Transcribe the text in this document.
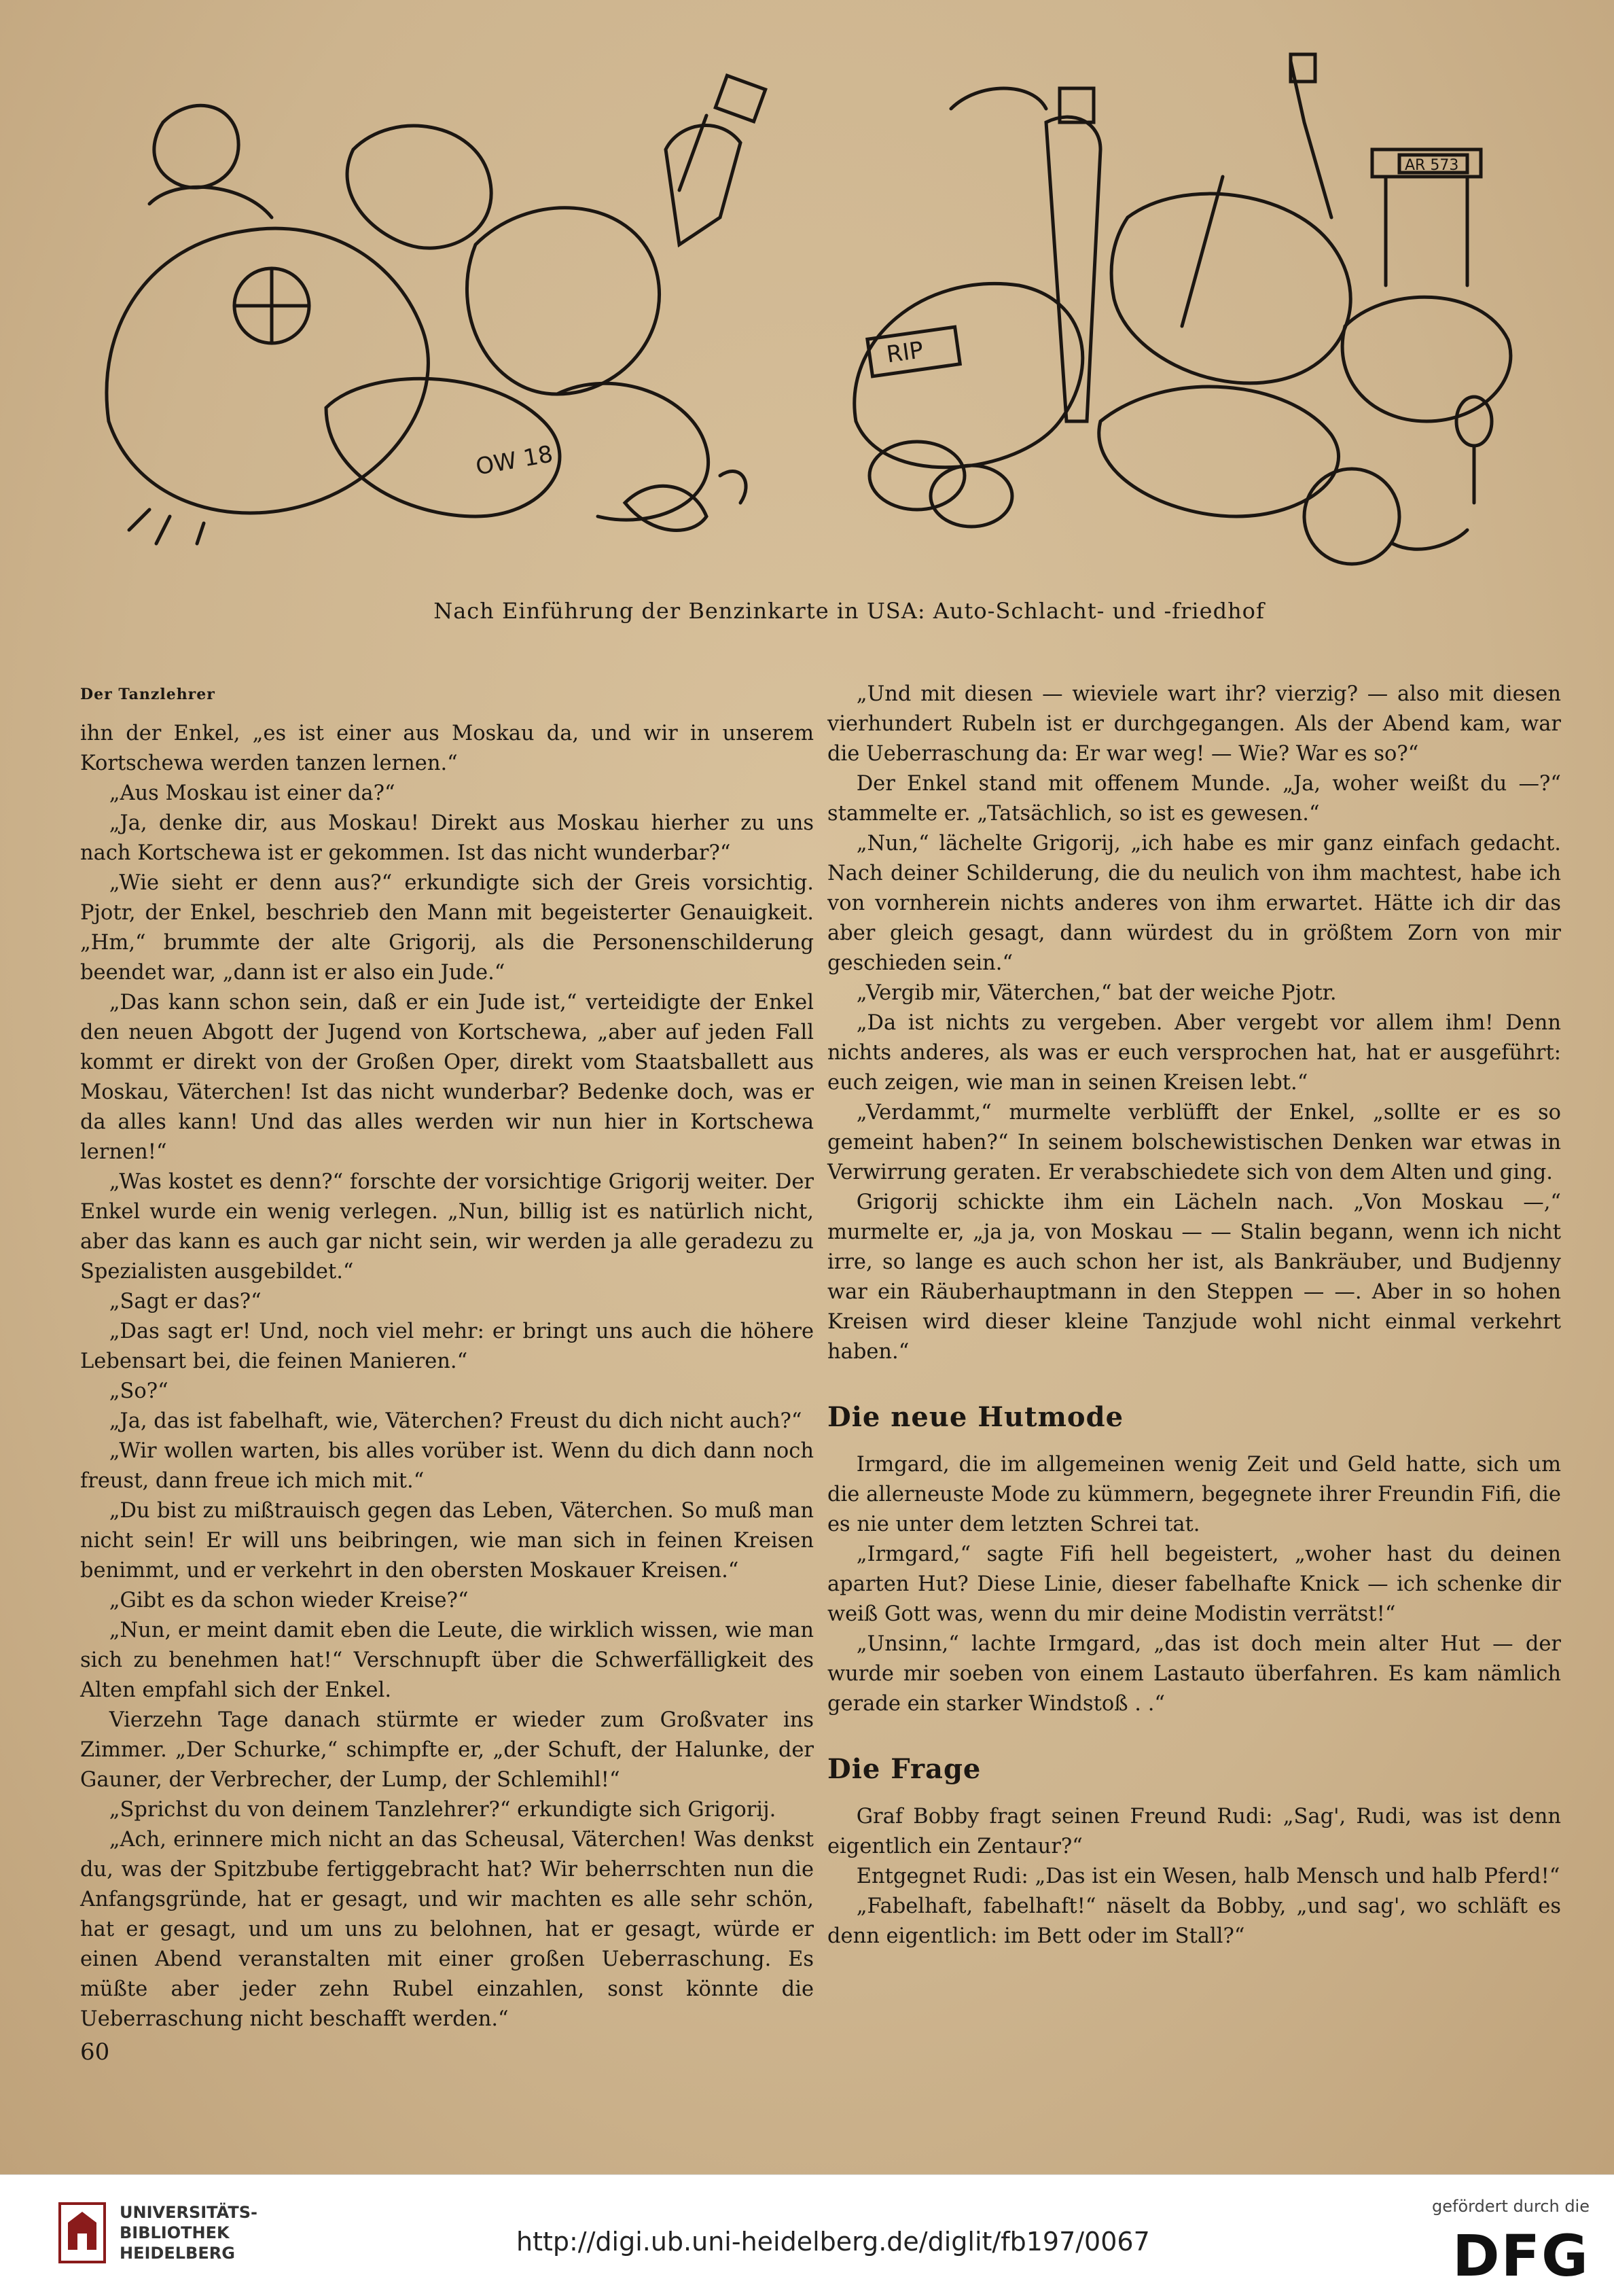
OW 18
RIP
AR 573
Nach Einführung der Benzinkarte in USA: Auto-Schlacht- und -friedhof
Der Tanzlehrer

ihn der Enkel, „es ist einer aus Moskau da, und wir in unserem Kortschewa werden tanzen lernen.“

„Aus Moskau ist einer da?“

„Ja, denke dir, aus Moskau! Direkt aus Moskau hierher zu uns nach Kortschewa ist er gekommen. Ist das nicht wunderbar?“

„Wie sieht er denn aus?“ erkundigte sich der Greis vorsichtig. Pjotr, der Enkel, beschrieb den Mann mit begeisterter Genauigkeit. „Hm,“ brummte der alte Grigorij, als die Personenschilderung beendet war, „dann ist er also ein Jude.“

„Das kann schon sein, daß er ein Jude ist,“ verteidigte der Enkel den neuen Abgott der Jugend von Kortschewa, „aber auf jeden Fall kommt er direkt von der Großen Oper, direkt vom Staatsballett aus Moskau, Väterchen! Ist das nicht wunderbar? Bedenke doch, was er da alles kann! Und das alles werden wir nun hier in Kortschewa lernen!“

„Was kostet es denn?“ forschte der vorsichtige Grigorij weiter. Der Enkel wurde ein wenig verlegen. „Nun, billig ist es natürlich nicht, aber das kann es auch gar nicht sein, wir werden ja alle geradezu zu Spezialisten ausgebildet.“

„Sagt er das?“

„Das sagt er! Und, noch viel mehr: er bringt uns auch die höhere Lebensart bei, die feinen Manieren.“

„So?“

„Ja, das ist fabelhaft, wie, Väterchen? Freust du dich nicht auch?“

„Wir wollen warten, bis alles vorüber ist. Wenn du dich dann noch freust, dann freue ich mich mit.“

„Du bist zu mißtrauisch gegen das Leben, Väterchen. So muß man nicht sein! Er will uns beibringen, wie man sich in feinen Kreisen benimmt, und er verkehrt in den obersten Moskauer Kreisen.“

„Gibt es da schon wieder Kreise?“

„Nun, er meint damit eben die Leute, die wirklich wissen, wie man sich zu benehmen hat!“ Verschnupft über die Schwerfälligkeit des Alten empfahl sich der Enkel.

Vierzehn Tage danach stürmte er wieder zum Großvater ins Zimmer. „Der Schurke,“ schimpfte er, „der Schuft, der Halunke, der Gauner, der Verbrecher, der Lump, der Schlemihl!“

„Sprichst du von deinem Tanzlehrer?“ erkundigte sich Grigorij.

„Ach, erinnere mich nicht an das Scheusal, Väterchen! Was denkst du, was der Spitzbube fertiggebracht hat? Wir beherrschten nun die Anfangsgründe, hat er gesagt, und wir machten es alle sehr schön, hat er gesagt, und um uns zu belohnen, hat er gesagt, würde er einen Abend veranstalten mit einer großen Ueberraschung. Es müßte aber jeder zehn Rubel einzahlen, sonst könnte die Ueberraschung nicht beschafft werden.“

„Und mit diesen — wieviele wart ihr? vierzig? — also mit diesen vierhundert Rubeln ist er durchgegangen. Als der Abend kam, war die Ueberraschung da: Er war weg! — Wie? War es so?“

Der Enkel stand mit offenem Munde. „Ja, woher weißt du —?“ stammelte er. „Tatsächlich, so ist es gewesen.“

„Nun,“ lächelte Grigorij, „ich habe es mir ganz einfach gedacht. Nach deiner Schilderung, die du neulich von ihm machtest, habe ich von vornherein nichts anderes von ihm erwartet. Hätte ich dir das aber gleich gesagt, dann würdest du in größtem Zorn von mir geschieden sein.“

„Vergib mir, Väterchen,“ bat der weiche Pjotr.

„Da ist nichts zu vergeben. Aber vergebt vor allem ihm! Denn nichts anderes, als was er euch versprochen hat, hat er ausgeführt: euch zeigen, wie man in seinen Kreisen lebt.“

„Verdammt,“ murmelte verblüfft der Enkel, „sollte er es so gemeint haben?“ In seinem bolschewistischen Denken war etwas in Verwirrung geraten. Er verabschiedete sich von dem Alten und ging.

Grigorij schickte ihm ein Lächeln nach. „Von Moskau —,“ murmelte er, „ja ja, von Moskau — — Stalin begann, wenn ich nicht irre, so lange es auch schon her ist, als Bankräuber, und Budjenny war ein Räuberhauptmann in den Steppen — —. Aber in so hohen Kreisen wird dieser kleine Tanzjude wohl nicht einmal verkehrt haben.“

Die neue Hutmode

Irmgard, die im allgemeinen wenig Zeit und Geld hatte, sich um die allerneuste Mode zu kümmern, begegnete ihrer Freundin Fifi, die es nie unter dem letzten Schrei tat.

„Irmgard,“ sagte Fifi hell begeistert, „woher hast du deinen aparten Hut? Diese Linie, dieser fabelhafte Knick — ich schenke dir weiß Gott was, wenn du mir deine Modistin verrätst!“

„Unsinn,“ lachte Irmgard, „das ist doch mein alter Hut — der wurde mir soeben von einem Lastauto überfahren. Es kam nämlich gerade ein starker Windstoß . .“

Die Frage

Graf Bobby fragt seinen Freund Rudi: „Sag', Rudi, was ist denn eigentlich ein Zentaur?“

Entgegnet Rudi: „Das ist ein Wesen, halb Mensch und halb Pferd!“

„Fabelhaft, fabelhaft!“ näselt da Bobby, „und sag', wo schläft es denn eigentlich: im Bett oder im Stall?“

60
UNIVERSITÄTS-
BIBLIOTHEK
HEIDELBERG	http://digi.ub.uni-heidelberg.de/diglit/fb197/0067
gefördert durch die
DFG
